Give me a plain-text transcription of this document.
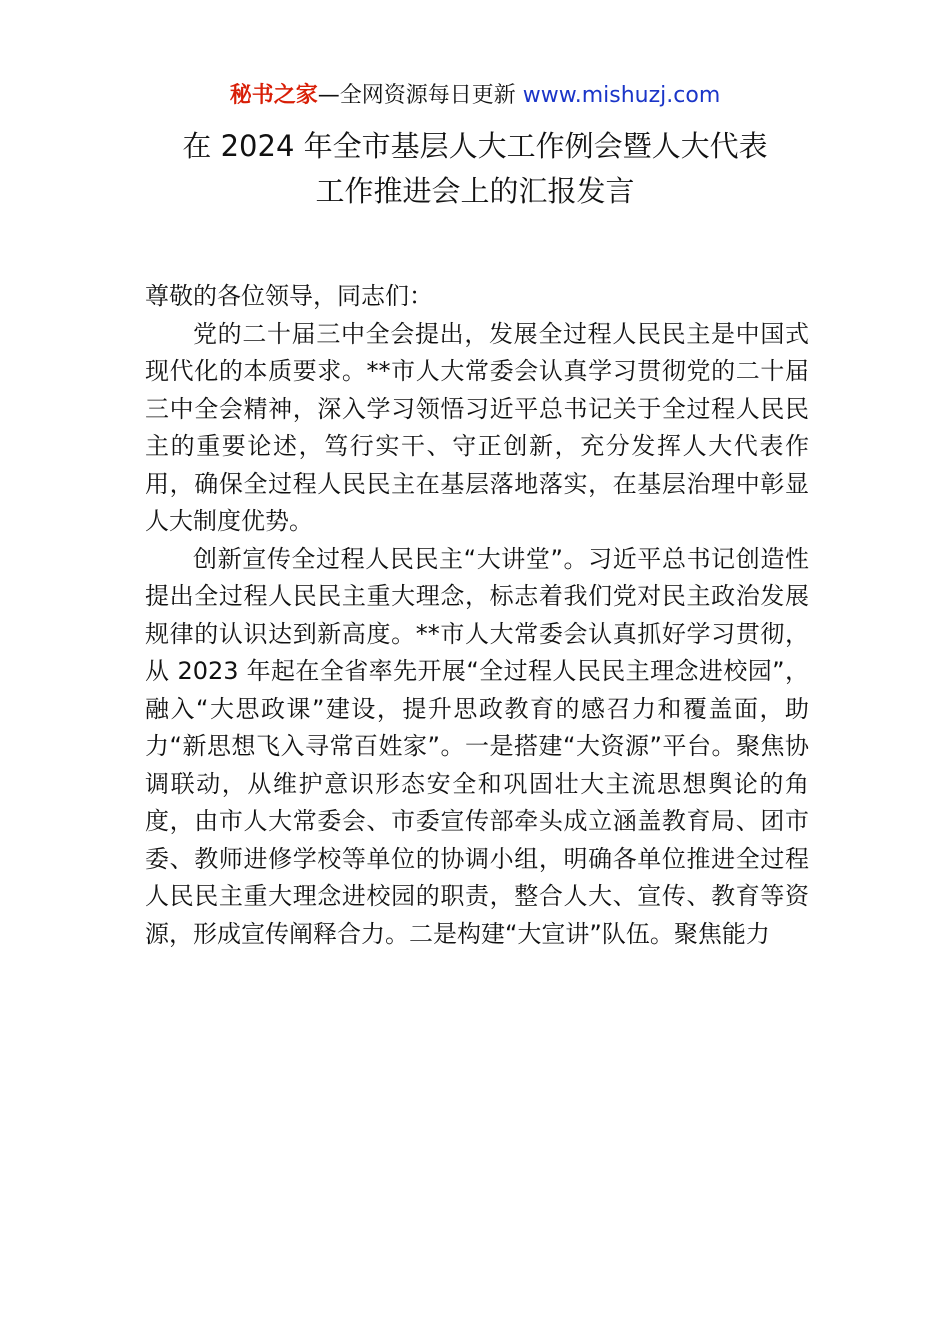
秘书之家—全网资源每日更新 www.mishuzj.com
在 2024 年全市基层人大工作例会暨人大代表
工作推进会上的汇报发言

尊敬的各位领导，同志们：

党的二十届三中全会提出，发展全过程人民民主是中国式现代化的本质要求。**市人大常委会认真学习贯彻党的二十届三中全会精神，深入学习领悟习近平总书记关于全过程人民民主的重要论述，笃行实干、守正创新，充分发挥人大代表作用，确保全过程人民民主在基层落地落实，在基层治理中彰显人大制度优势。

创新宣传全过程人民民主“大讲堂”。习近平总书记创造性提出全过程人民民主重大理念，标志着我们党对民主政治发展规律的认识达到新高度。**市人大常委会认真抓好学习贯彻，从 2023 年起在全省率先开展“全过程人民民主理念进校园”，融入“大思政课”建设，提升思政教育的感召力和覆盖面，助力“新思想飞入寻常百姓家”。一是搭建“大资源”平台。聚焦协调联动，从维护意识形态安全和巩固壮大主流思想舆论的角度，由市人大常委会、市委宣传部牵头成立涵盖教育局、团市委、教师进修学校等单位的协调小组，明确各单位推进全过程人民民主重大理念进校园的职责，整合人大、宣传、教育等资源，形成宣传阐释合力。二是构建“大宣讲”队伍。聚焦能力
